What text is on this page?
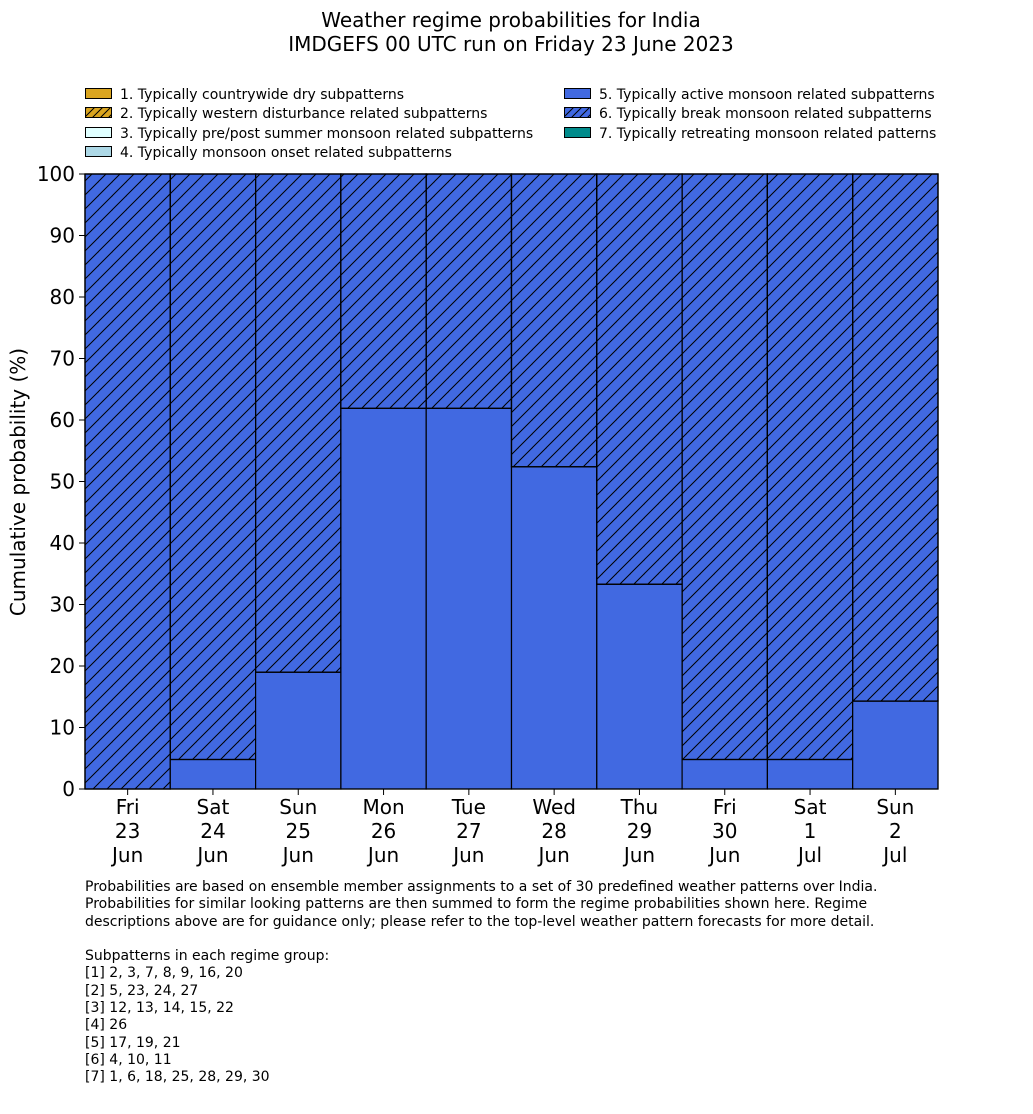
0
10
20
30
40
50
60
70
80
90
100
Fri 23 Jun
Sat 24 Jun
Sun 25 Jun
Mon 26 Jun
Tue 27 Jun
Wed 28 Jun
Thu 29 Jun
Fri 30 Jun
Sat 1 Jul
Sun 2 Jul
Weather regime probabilities for India
IMDGEFS 00 UTC run on Friday 23 June 2023
1. Typically countrywide dry subpatterns
2. Typically western disturbance related subpatterns
3. Typically pre/post summer monsoon related subpatterns
4. Typically monsoon onset related subpatterns
5. Typically active monsoon related subpatterns
6. Typically break monsoon related subpatterns
7. Typically retreating monsoon related patterns
Cumulative probability (%)
Probabilities are based on ensemble member assignments to a set of 30 predefined weather patterns over India.
Probabilities for similar looking patterns are then summed to form the regime probabilities shown here. Regime
descriptions above are for guidance only; please refer to the top-level weather pattern forecasts for more detail.
Subpatterns in each regime group:
[1] 2, 3, 7, 8, 9, 16, 20
[2] 5, 23, 24, 27
[3] 12, 13, 14, 15, 22
[4] 26
[5] 17, 19, 21
[6] 4, 10, 11
[7] 1, 6, 18, 25, 28, 29, 30
